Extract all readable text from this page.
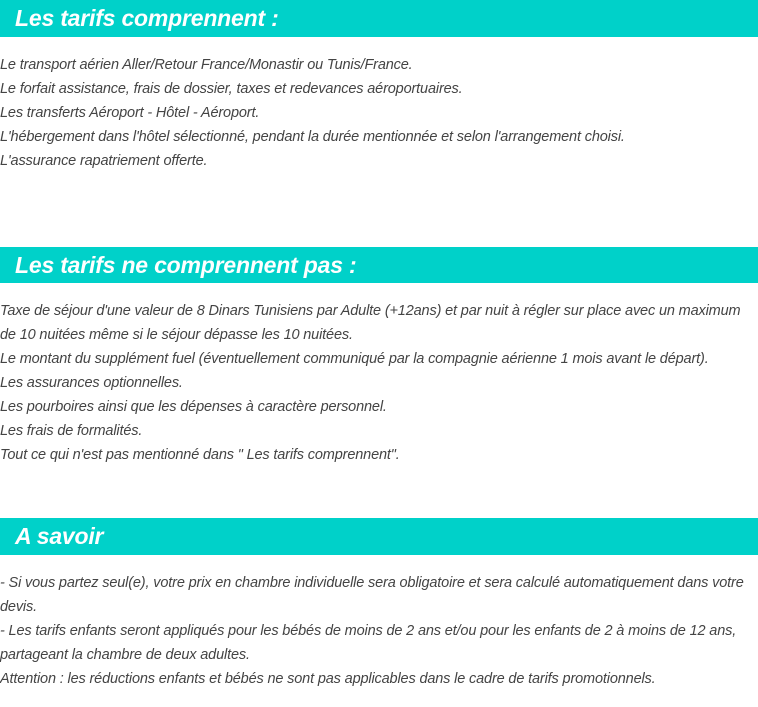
Les tarifs comprennent :

Le transport aérien Aller/Retour France/Monastir ou Tunis/France.

Le forfait assistance, frais de dossier, taxes et redevances aéroportuaires.

Les transferts Aéroport - Hôtel - Aéroport.

L'hébergement dans l'hôtel sélectionné, pendant la durée mentionnée et selon l'arrangement choisi.

L'assurance rapatriement offerte.

Les tarifs ne comprennent pas :

Taxe de séjour d'une valeur de 8 Dinars Tunisiens par Adulte (+12ans) et par nuit à régler sur place avec un maximum de 10 nuitées même si le séjour dépasse les 10 nuitées.

Le montant du supplément fuel (éventuellement communiqué par la compagnie aérienne 1 mois avant le départ).

Les assurances optionnelles.

Les pourboires ainsi que les dépenses à caractère personnel.

Les frais de formalités.

Tout ce qui n'est pas mentionné dans " Les tarifs comprennent".

A savoir

- Si vous partez seul(e), votre prix en chambre individuelle sera obligatoire et sera calculé automatiquement dans votre devis.

- Les tarifs enfants seront appliqués pour les bébés de moins de 2 ans et/ou pour les enfants de 2 à moins de 12 ans, partageant la chambre de deux adultes.

Attention : les réductions enfants et bébés ne sont pas applicables dans le cadre de tarifs promotionnels.
